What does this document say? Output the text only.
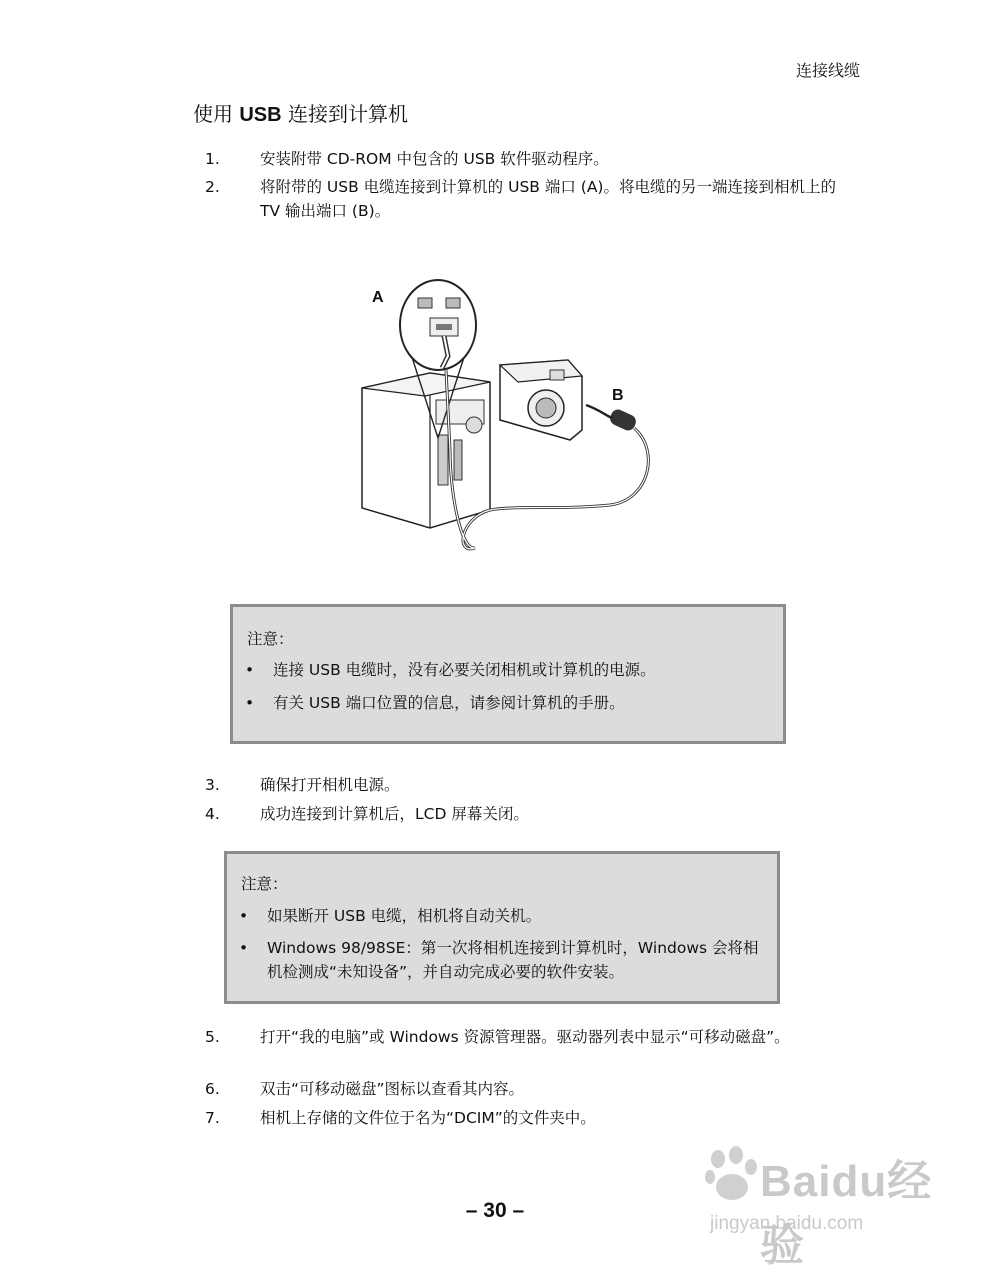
连接线缆
使用 USB 连接到计算机
1.	安装附带 CD-ROM 中包含的 USB 软件驱动程序。
2.	将附带的 USB 电缆连接到计算机的 USB 端口 (A)。将电缆的另一端连接到相机上的 TV 输出端口 (B)。
A
B
注意：
• 连接 USB 电缆时，没有必要关闭相机或计算机的电源。
• 有关 USB 端口位置的信息，请参阅计算机的手册。
3.	确保打开相机电源。
4.	成功连接到计算机后，LCD 屏幕关闭。
注意：
• 如果断开 USB 电缆，相机将自动关机。
• Windows 98/98SE：第一次将相机连接到计算机时，Windows 会将相机检测成“未知设备”，并自动完成必要的软件安装。
5.	打开“我的电脑”或 Windows 资源管理器。驱动器列表中显示“可移动磁盘”。
6.	双击“可移动磁盘”图标以查看其内容。
7.	相机上存储的文件位于名为“DCIM”的文件夹中。
– 30 –
Baidu经验
jingyan.baidu.com
